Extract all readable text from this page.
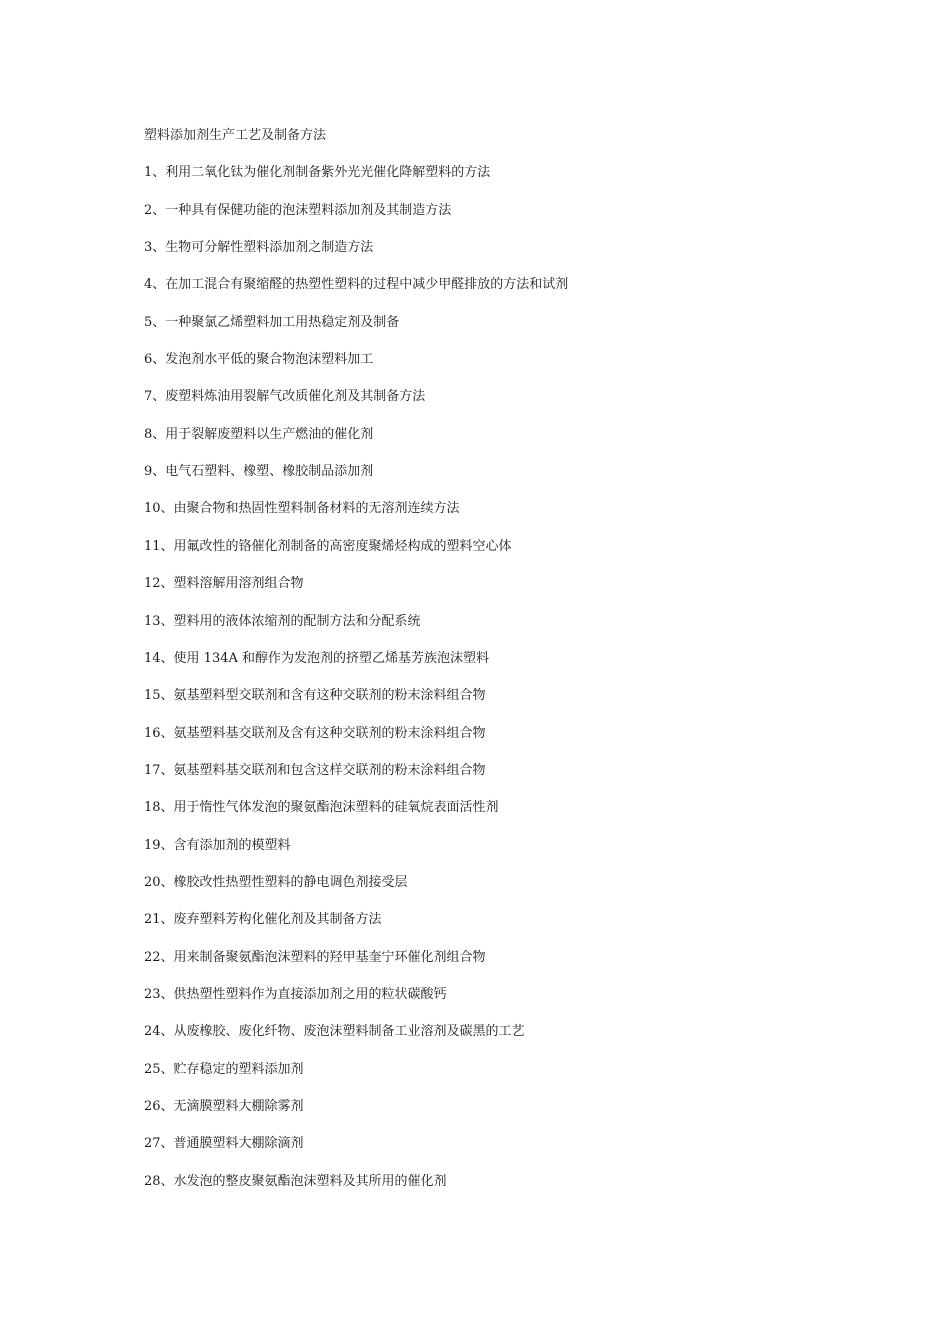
塑料添加剂生产工艺及制备方法
1、利用二氧化钛为催化剂制备紫外光光催化降解塑料的方法
2、一种具有保健功能的泡沫塑料添加剂及其制造方法
3、生物可分解性塑料添加剂之制造方法
4、在加工混合有聚缩醛的热塑性塑料的过程中减少甲醛排放的方法和试剂
5、一种聚氯乙烯塑料加工用热稳定剂及制备
6、发泡剂水平低的聚合物泡沫塑料加工
7、废塑料炼油用裂解气改质催化剂及其制备方法
8、用于裂解废塑料以生产燃油的催化剂
9、电气石塑料、橡塑、橡胶制品添加剂
10、由聚合物和热固性塑料制备材料的无溶剂连续方法
11、用氟改性的铬催化剂制备的高密度聚烯烃构成的塑料空心体
12、塑料溶解用溶剂组合物
13、塑料用的液体浓缩剂的配制方法和分配系统
14、使用 134A 和醇作为发泡剂的挤塑乙烯基芳族泡沫塑料
15、氨基塑料型交联剂和含有这种交联剂的粉末涂料组合物
16、氨基塑料基交联剂及含有这种交联剂的粉末涂料组合物
17、氨基塑料基交联剂和包含这样交联剂的粉末涂料组合物
18、用于惰性气体发泡的聚氨酯泡沫塑料的硅氧烷表面活性剂
19、含有添加剂的模塑料
20、橡胶改性热塑性塑料的静电调色剂接受层
21、废弃塑料芳构化催化剂及其制备方法
22、用来制备聚氨酯泡沫塑料的羟甲基奎宁环催化剂组合物
23、供热塑性塑料作为直接添加剂之用的粒状碳酸钙
24、从废橡胶、废化纤物、废泡沫塑料制备工业溶剂及碳黑的工艺
25、贮存稳定的塑料添加剂
26、无滴膜塑料大棚除雾剂
27、普通膜塑料大棚除滴剂
28、水发泡的整皮聚氨酯泡沫塑料及其所用的催化剂
